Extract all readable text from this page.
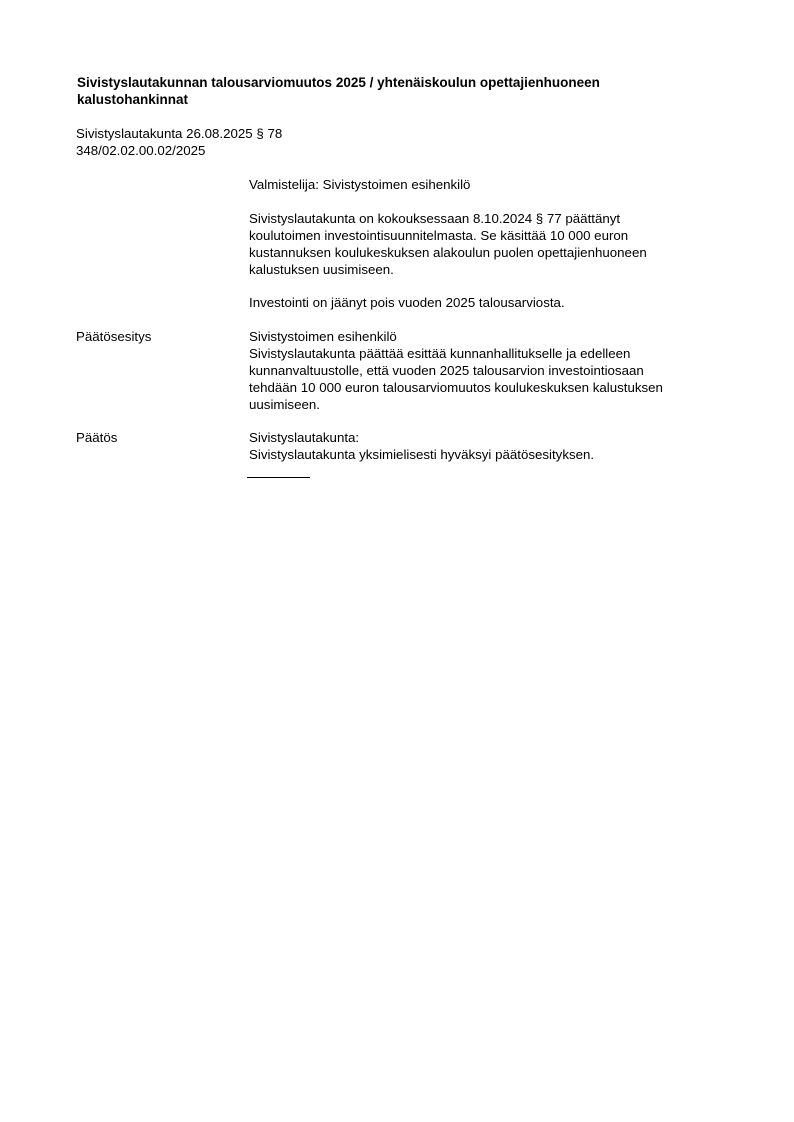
Sivistyslautakunnan talousarviomuutos 2025 / yhtenäiskoulun opettajienhuoneen
kalustohankinnat
Sivistyslautakunta 26.08.2025 § 78
348/02.02.00.02/2025
Valmistelija: Sivistystoimen esihenkilö
Sivistyslautakunta on kokouksessaan 8.10.2024 § 77 päättänyt
koulutoimen investointisuunnitelmasta. Se käsittää 10 000 euron
kustannuksen koulukeskuksen alakoulun puolen opettajienhuoneen
kalustuksen uusimiseen.
Investointi on jäänyt pois vuoden 2025 talousarviosta.
Päätösesitys	Sivistystoimen esihenkilö
Sivistyslautakunta päättää esittää kunnanhallitukselle ja edelleen
kunnanvaltuustolle, että vuoden 2025 talousarvion investointiosaan
tehdään 10 000 euron talousarviomuutos koulukeskuksen kalustuksen
uusimiseen.
Päätös	Sivistyslautakunta:
Sivistyslautakunta yksimielisesti hyväksyi päätösesityksen.
